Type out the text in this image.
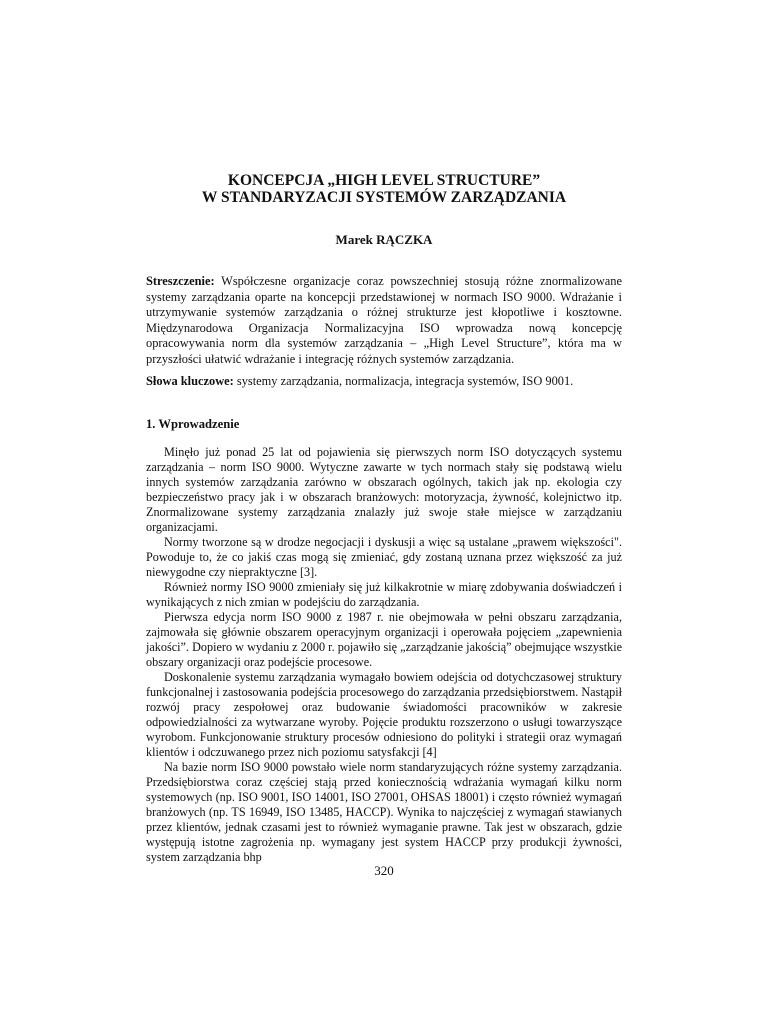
KONCEPCJA „HIGH LEVEL STRUCTURE”
W STANDARYZACJI SYSTEMÓW ZARZĄDZANIA
Marek RĄCZKA

Streszczenie: Współczesne organizacje coraz powszechniej stosują różne znormalizowane systemy zarządzania oparte na koncepcji przedstawionej w normach ISO 9000. Wdrażanie i utrzymywanie systemów zarządzania o różnej strukturze jest kłopotliwe i kosztowne. Międzynarodowa Organizacja Normalizacyjna ISO wprowadza nową koncepcję opracowywania norm dla systemów zarządzania – „High Level Structure”, która ma w przyszłości ułatwić wdrażanie i integrację różnych systemów zarządzania.

Słowa kluczowe: systemy zarządzania, normalizacja, integracja systemów, ISO 9001.

1. Wprowadzenie

Minęło już ponad 25 lat od pojawienia się pierwszych norm ISO dotyczących systemu zarządzania – norm ISO 9000. Wytyczne zawarte w tych normach stały się podstawą wielu innych systemów zarządzania zarówno w obszarach ogólnych, takich jak np. ekologia czy bezpieczeństwo pracy jak i w obszarach branżowych: motoryzacja, żywność, kolejnictwo itp. Znormalizowane systemy zarządzania znalazły już swoje stałe miejsce w zarządzaniu organizacjami.

Normy tworzone są w drodze negocjacji i dyskusji a więc są ustalane „prawem większości". Powoduje to, że co jakiś czas mogą się zmieniać, gdy zostaną uznana przez większość za już niewygodne czy niepraktyczne [3].

Również normy ISO 9000 zmieniały się już kilkakrotnie w miarę zdobywania doświadczeń i wynikających z nich zmian w podejściu do zarządzania.

Pierwsza edycja norm ISO 9000 z 1987 r. nie obejmowała w pełni obszaru zarządzania, zajmowała się głównie obszarem operacyjnym organizacji i operowała pojęciem „zapewnienia jakości”. Dopiero w wydaniu z 2000 r. pojawiło się „zarządzanie jakością” obejmujące wszystkie obszary organizacji oraz podejście procesowe.

Doskonalenie systemu zarządzania wymagało bowiem odejścia od dotychczasowej struktury funkcjonalnej i zastosowania podejścia procesowego do zarządzania przedsiębiorstwem. Nastąpił rozwój pracy zespołowej oraz budowanie świadomości pracowników w zakresie odpowiedzialności za wytwarzane wyroby. Pojęcie produktu rozszerzono o usługi towarzyszące wyrobom. Funkcjonowanie struktury procesów odniesiono do polityki i strategii oraz wymagań klientów i odczuwanego przez nich poziomu satysfakcji [4]

Na bazie norm ISO 9000 powstało wiele norm standaryzujących różne systemy zarządzania. Przedsiębiorstwa coraz częściej stają przed koniecznością wdrażania wymagań kilku norm systemowych (np. ISO 9001, ISO 14001, ISO 27001, OHSAS 18001) i często również wymagań branżowych (np. TS 16949, ISO 13485, HACCP). Wynika to najczęściej z wymagań stawianych przez klientów, jednak czasami jest to również wymaganie prawne. Tak jest w obszarach, gdzie występują istotne zagrożenia np. wymagany jest system HACCP przy produkcji żywności, system zarządzania bhp

320
